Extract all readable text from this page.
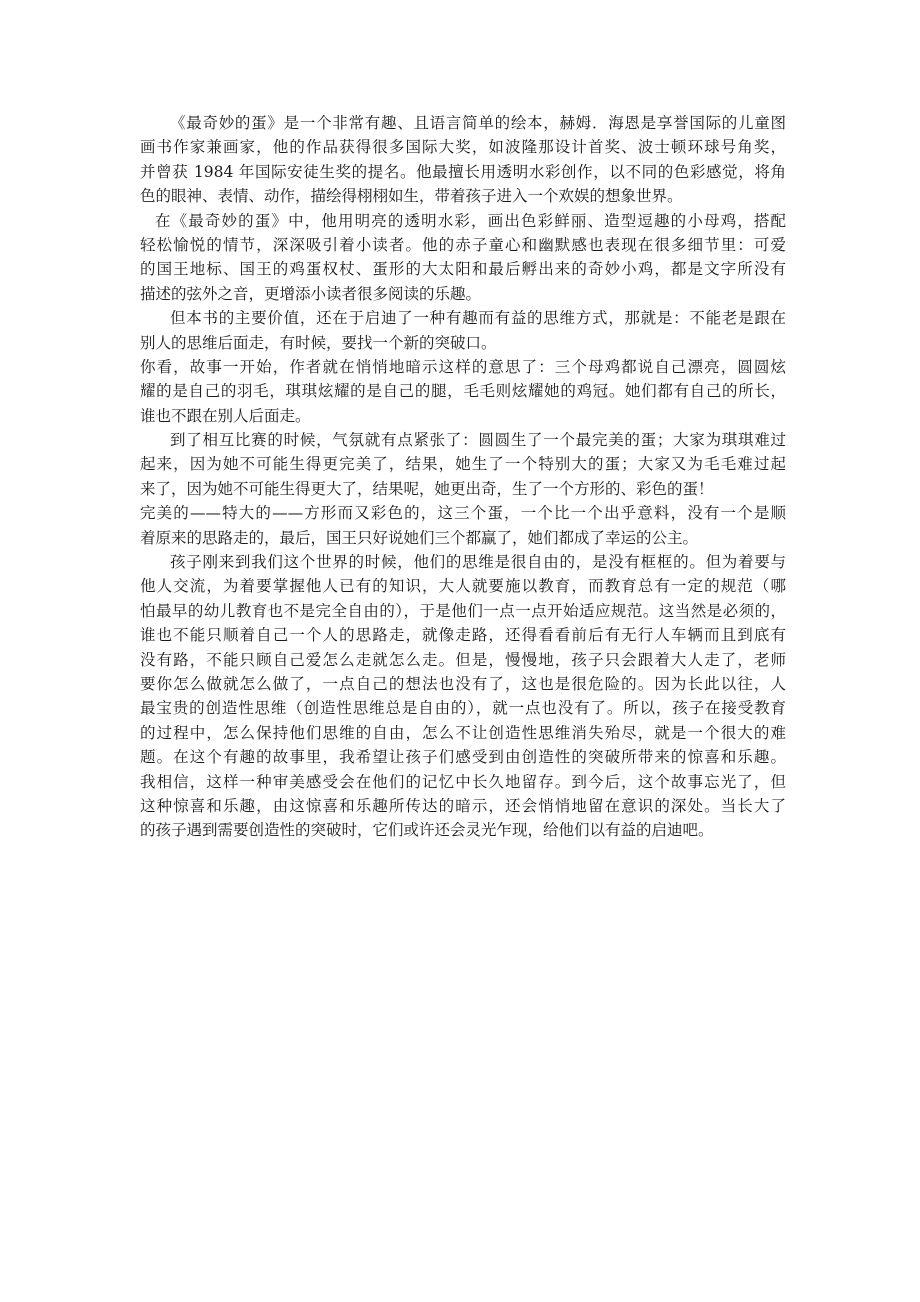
《最奇妙的蛋》是一个非常有趣、且语言简单的绘本，赫姆．海恩是享誉国际的儿童图
画书作家兼画家，他的作品获得很多国际大奖，如波隆那设计首奖、波士顿环球号角奖，
并曾获 1984 年国际安徒生奖的提名。他最擅长用透明水彩创作，以不同的色彩感觉，将角
色的眼神、表情、动作，描绘得栩栩如生，带着孩子进入一个欢娱的想象世界。
在《最奇妙的蛋》中，他用明亮的透明水彩，画出色彩鲜丽、造型逗趣的小母鸡，搭配
轻松愉悦的情节，深深吸引着小读者。他的赤子童心和幽默感也表现在很多细节里：可爱
的国王地标、国王的鸡蛋权杖、蛋形的大太阳和最后孵出来的奇妙小鸡，都是文字所没有
描述的弦外之音，更增添小读者很多阅读的乐趣。
但本书的主要价值，还在于启迪了一种有趣而有益的思维方式，那就是：不能老是跟在
别人的思维后面走，有时候，要找一个新的突破口。
你看，故事一开始，作者就在悄悄地暗示这样的意思了：三个母鸡都说自己漂亮，圆圆炫
耀的是自己的羽毛，琪琪炫耀的是自己的腿，毛毛则炫耀她的鸡冠。她们都有自己的所长，
谁也不跟在别人后面走。
到了相互比赛的时候，气氛就有点紧张了：圆圆生了一个最完美的蛋；大家为琪琪难过
起来，因为她不可能生得更完美了，结果，她生了一个特别大的蛋；大家又为毛毛难过起
来了，因为她不可能生得更大了，结果呢，她更出奇，生了一个方形的、彩色的蛋！
完美的——特大的——方形而又彩色的，这三个蛋，一个比一个出乎意料，没有一个是顺
着原来的思路走的，最后，国王只好说她们三个都赢了，她们都成了幸运的公主。
孩子刚来到我们这个世界的时候，他们的思维是很自由的，是没有框框的。但为着要与
他人交流，为着要掌握他人已有的知识，大人就要施以教育，而教育总有一定的规范（哪
怕最早的幼儿教育也不是完全自由的），于是他们一点一点开始适应规范。这当然是必须的，
谁也不能只顺着自己一个人的思路走，就像走路，还得看看前后有无行人车辆而且到底有
没有路，不能只顾自己爱怎么走就怎么走。但是，慢慢地，孩子只会跟着大人走了，老师
要你怎么做就怎么做了，一点自己的想法也没有了，这也是很危险的。因为长此以往，人
最宝贵的创造性思维（创造性思维总是自由的），就一点也没有了。所以，孩子在接受教育
的过程中，怎么保持他们思维的自由，怎么不让创造性思维消失殆尽，就是一个很大的难
题。在这个有趣的故事里，我希望让孩子们感受到由创造性的突破所带来的惊喜和乐趣。
我相信，这样一种审美感受会在他们的记忆中长久地留存。到今后，这个故事忘光了，但
这种惊喜和乐趣，由这惊喜和乐趣所传达的暗示，还会悄悄地留在意识的深处。当长大了
的孩子遇到需要创造性的突破时，它们或许还会灵光乍现，给他们以有益的启迪吧。
